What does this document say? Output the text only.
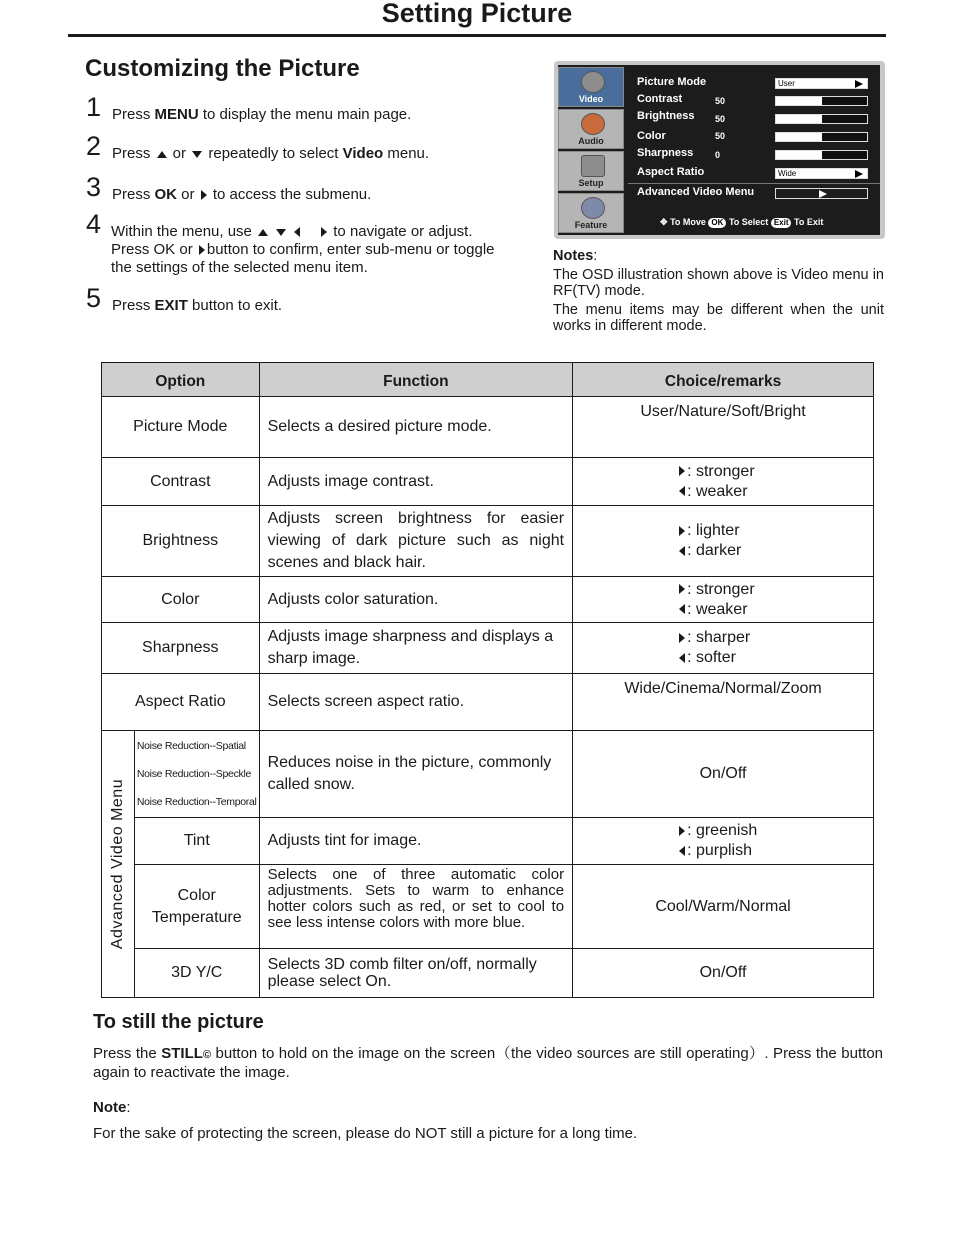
Setting Picture
Customizing the Picture
1 Press MENU to display the menu main page.
2 Press  or  repeatedly to select Video menu.
3 Press OK or  to access the submenu.
4 Within the menu, use	to navigate or adjust.
Press OK or button to confirm, enter sub-menu or toggle
the settings of the selected menu item.
5 Press EXIT button to exit.
Video
Audio
Setup
Feature
Picture Mode	User
Contrast	50
Brightness 50
Color	50
Sharpness 0
Aspect Ratio	Wide
Advanced Video Menu
✥ To Move OK To Select Exit To Exit

Notes:

The OSD illustration shown above is Video menu in RF(TV) mode.

The menu items may be different when the unit works in different mode.

Option		Function	Choice/remarks
Picture Mode		Selects a desired picture mode.	User/Nature/Soft/Bright
Contrast		Adjusts image contrast.	: stronger
: weaker

Brightness		Adjusts screen brightness for easier viewing of dark picture such as night scenes and black hair.	: lighter
: darker

Color		Adjusts color saturation.	: stronger
: weaker

Sharpness		Adjusts image sharpness and displays a sharp image.	: sharper
: softer

Aspect Ratio		Selects screen aspect ratio.	Wide/Cinema/Normal/Zoom

Advanced Video Menu	Noise Reduction--Spatial
Noise Reduction--Speckle
Noise Reduction--Temporal	Reduces noise in the picture, commonly called snow.	On/Off
	Tint	Adjusts tint for image.	: greenish
: purplish

	Color Temperature	Selects one of three automatic color adjustments. Sets to warm to enhance hotter colors such as red, or set to cool to see less intense colors with more blue.	Cool/Warm/Normal
	3D Y/C	Selects 3D comb filter on/off, normally please select On.	On/Off
To still the picture
Press the STILL© button to hold on the image on the screen（the video sources are still operating）. Press the button again to reactivate the image.
Note:
For the sake of protecting the screen, please do NOT still a picture for a long time.
